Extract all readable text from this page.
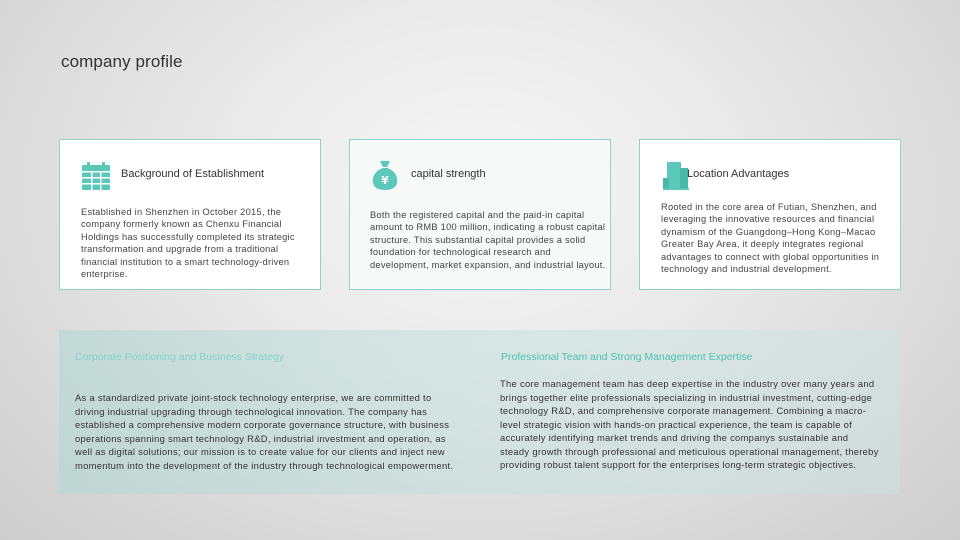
company profile
Background of Establishment
Established in Shenzhen in October 2015, the company formerly known as Chenxu Financial Holdings has successfully completed its strategic transformation and upgrade from a traditional financial institution to a smart technology-driven enterprise.
¥ capital strength
Both the registered capital and the paid-in capital amount to RMB 100 million, indicating a robust capital structure. This substantial capital provides a solid foundation for technological research and development, market expansion, and industrial layout.
Location Advantages
Rooted in the core area of Futian, Shenzhen, and leveraging the innovative resources and financial dynamism of the Guangdong–Hong Kong–Macao Greater Bay Area, it deeply integrates regional advantages to connect with global opportunities in technology and industrial development.
Corporate Positioning and Business Strategy
As a standardized private joint-stock technology enterprise, we are committed to driving industrial upgrading through technological innovation. The company has established a comprehensive modern corporate governance structure, with business operations spanning smart technology R&D, industrial investment and operation, as well as digital solutions; our mission is to create value for our clients and inject new momentum into the development of the industry through technological empowerment.
Professional Team and Strong Management Expertise
The core management team has deep expertise in the industry over many years and brings together elite professionals specializing in industrial investment, cutting-edge technology R&D, and comprehensive corporate management. Combining a macro-level strategic vision with hands-on practical experience, the team is capable of accurately identifying market trends and driving the companys sustainable and steady growth through professional and meticulous operational management, thereby providing robust talent support for the enterprises long-term strategic objectives.
